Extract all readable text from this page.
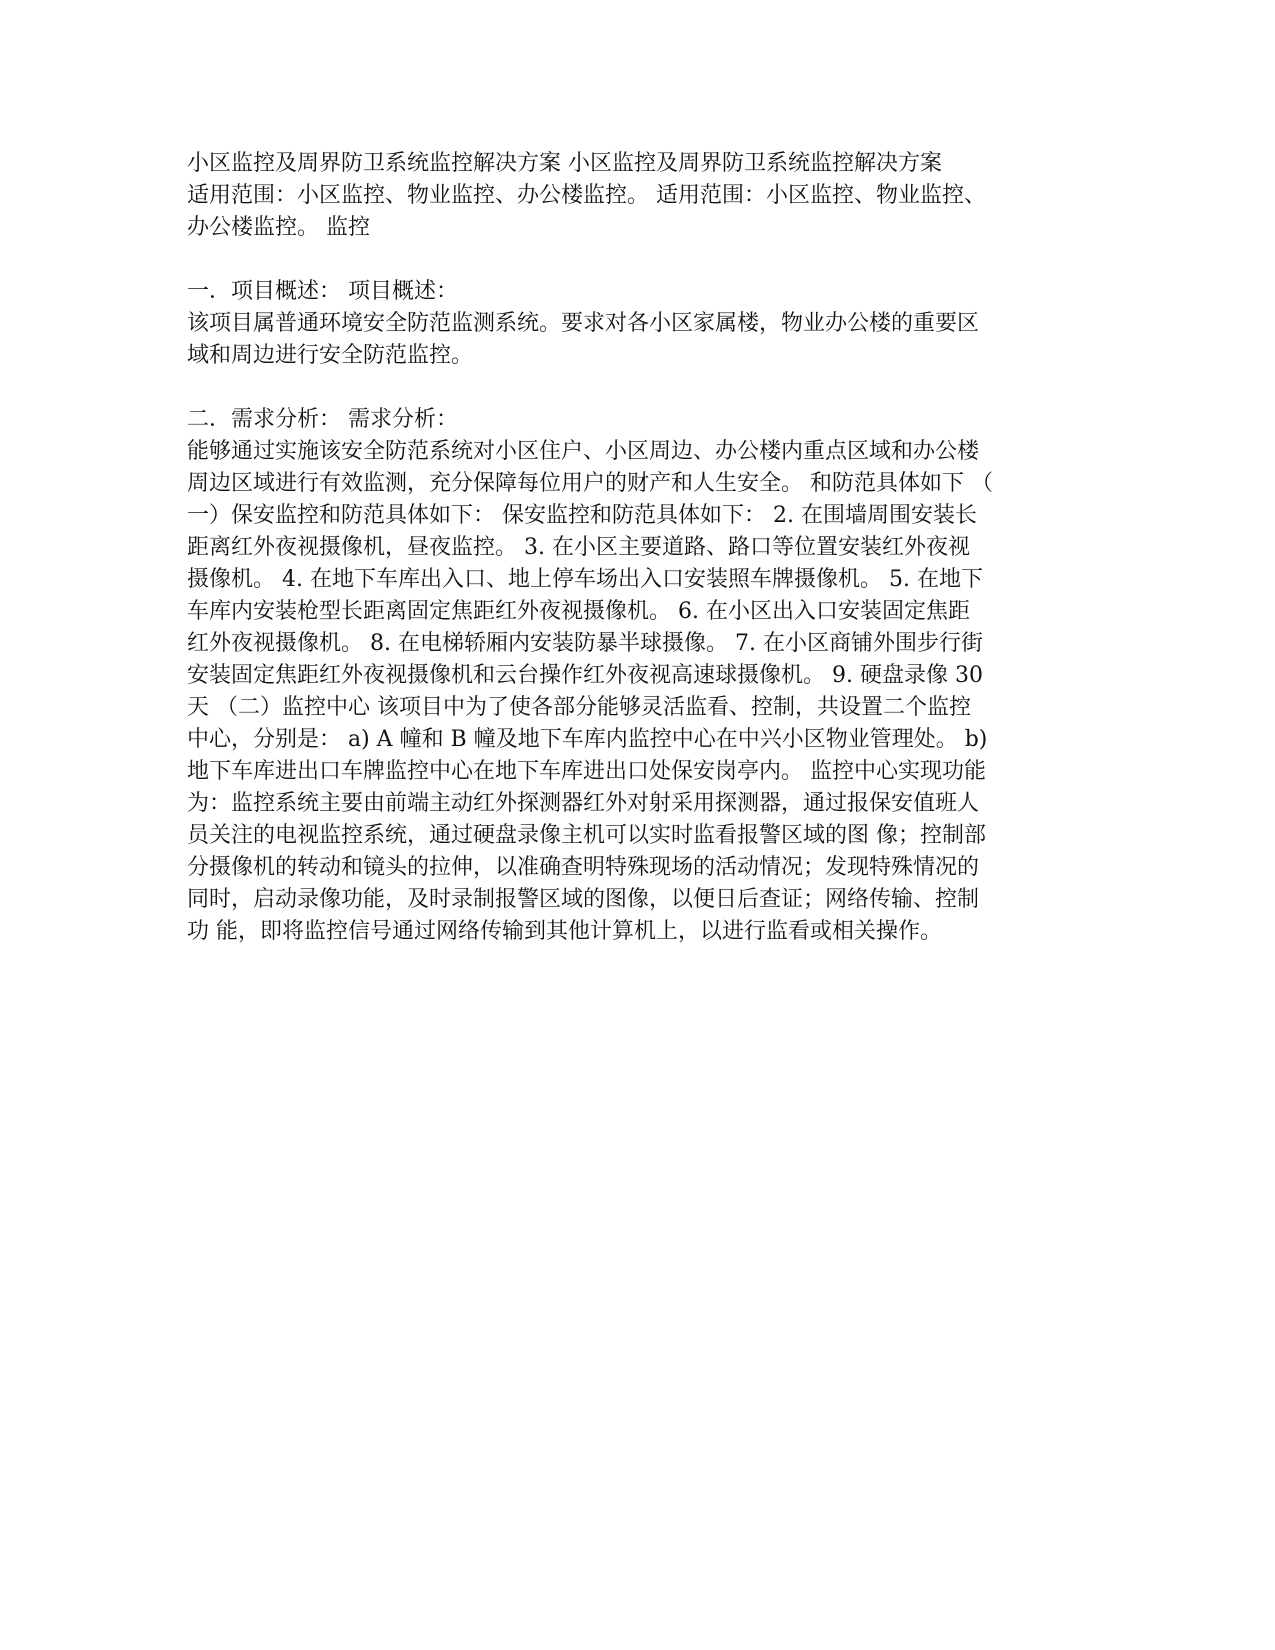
小区监控及周界防卫系统监控解决方案 小区监控及周界防卫系统监控解决方案
适用范围：小区监控、物业监控、办公楼监控。 适用范围：小区监控、物业监控、
办公楼监控。 监控
一．项目概述： 项目概述：
该项目属普通环境安全防范监测系统。要求对各小区家属楼，物业办公楼的重要区
域和周边进行安全防范监控。
二．需求分析： 需求分析：
能够通过实施该安全防范系统对小区住户、小区周边、办公楼内重点区域和办公楼
周边区域进行有效监测，充分保障每位用户的财产和人生安全。 和防范具体如下 （
一）保安监控和防范具体如下： 保安监控和防范具体如下： 2. 在围墙周围安装长
距离红外夜视摄像机，昼夜监控。 3. 在小区主要道路、路口等位置安装红外夜视
摄像机。 4. 在地下车库出入口、地上停车场出入口安装照车牌摄像机。 5. 在地下
车库内安装枪型长距离固定焦距红外夜视摄像机。 6. 在小区出入口安装固定焦距
红外夜视摄像机。 8. 在电梯轿厢内安装防暴半球摄像。 7. 在小区商铺外围步行街
安装固定焦距红外夜视摄像机和云台操作红外夜视高速球摄像机。 9. 硬盘录像 30
天 （二）监控中心 该项目中为了使各部分能够灵活监看、控制，共设置二个监控
中心，分别是： a) A 幢和 B 幢及地下车库内监控中心在中兴小区物业管理处。 b)
地下车库进出口车牌监控中心在地下车库进出口处保安岗亭内。 监控中心实现功能
为：监控系统主要由前端主动红外探测器红外对射采用探测器，通过报保安值班人
员关注的电视监控系统，通过硬盘录像主机可以实时监看报警区域的图 像；控制部
分摄像机的转动和镜头的拉伸，以准确查明特殊现场的活动情况；发现特殊情况的
同时，启动录像功能，及时录制报警区域的图像，以便日后查证；网络传输、控制
功 能，即将监控信号通过网络传输到其他计算机上，以进行监看或相关操作。
